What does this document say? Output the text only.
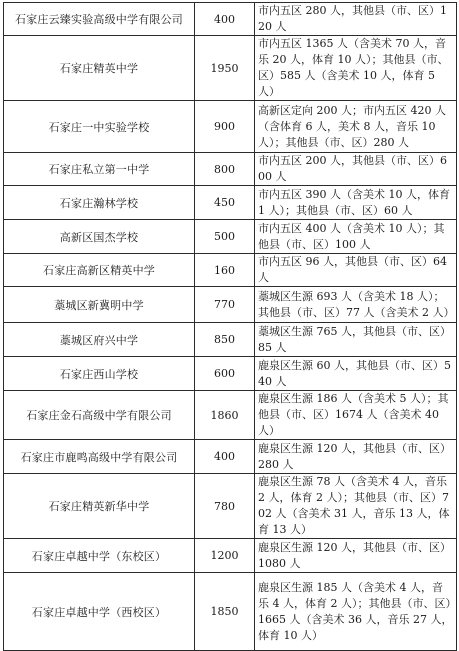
石家庄云臻实验高级中学有限公司	400	市内五区 280 人，其他县（市、区）120 人
石家庄精英中学	1950	市内五区 1365 人（含美术 70 人，音乐 20 人，体育 10 人）；其他县（市、区）585 人（含美术 10 人，体育 5 人）
石家庄一中实验学校	900	高新区定向 200 人；市内五区 420 人（含体育 6 人，美术 8 人，音乐 10 人）；其他县（市、区）280 人
石家庄私立第一中学	800	市内五区 200 人，其他县（市、区）600 人
石家庄瀚林学校	450	市内五区 390 人（含美术 10 人，体育 1 人）；其他县（市、区）60 人
高新区国杰学校	500	市内五区 400 人（含美术 10 人）；其他县（市、区）100 人
石家庄高新区精英中学	160	市内五区 96 人，其他县（市、区）64 人
藁城区新冀明中学	770	藁城区生源 693 人（含美术 18 人）；其他县（市、区）77 人（含美术 2 人）
藁城区府兴中学	850	藁城区生源 765 人，其他县（市、区）85 人
石家庄西山学校	600	鹿泉区生源 60 人，其他县（市、区）540 人
石家庄金石高级中学有限公司	1860	鹿泉区生源 186 人（含美术 5 人）；其他县（市、区）1674 人（含美术 40 人）
石家庄市鹿鸣高级中学有限公司	400	鹿泉区生源 120 人，其他县（市、区）280 人
石家庄精英新华中学	780	鹿泉区生源 78 人（含美术 4 人，音乐 2 人，体育 2 人）；其他县（市、区）702 人（含美术 31 人，音乐 13 人，体育 13 人）
石家庄卓越中学（东校区）	1200	鹿泉区生源 120 人，其他县（市、区）1080 人
石家庄卓越中学（西校区）	1850	鹿泉区生源 185 人（含美术 4 人，音乐 4 人，体育 2 人）；其他县（市、区）1665 人（含美术 36 人，音乐 27 人，体育 10 人）
